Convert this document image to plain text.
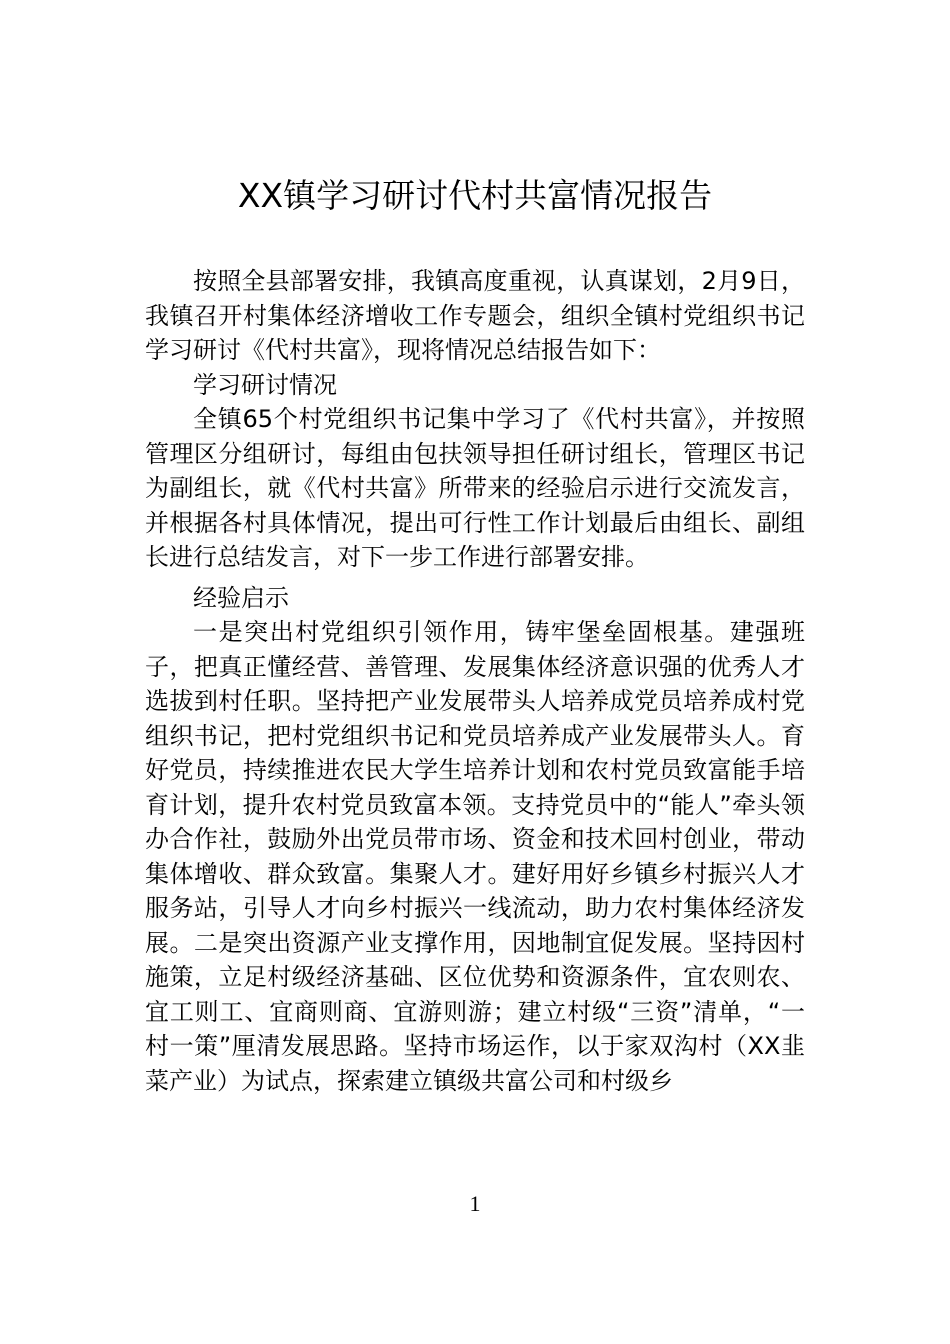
XX镇学习研讨代村共富情况报告

按照全县部署安排，我镇高度重视，认真谋划，2月9日，我镇召开村集体经济增收工作专题会，组织全镇村党组织书记学习研讨《代村共富》，现将情况总结报告如下：

学习研讨情况

全镇65个村党组织书记集中学习了《代村共富》，并按照管理区分组研讨，每组由包扶领导担任研讨组长，管理区书记为副组长，就《代村共富》所带来的经验启示进行交流发言，并根据各村具体情况，提出可行性工作计划最后由组长、副组长进行总结发言，对下一步工作进行部署安排。

经验启示

一是突出村党组织引领作用，铸牢堡垒固根基。建强班子，把真正懂经营、善管理、发展集体经济意识强的优秀人才选拔到村任职。坚持把产业发展带头人培养成党员培养成村党组织书记，把村党组织书记和党员培养成产业发展带头人。育好党员，持续推进农民大学生培养计划和农村党员致富能手培育计划，提升农村党员致富本领。支持党员中的“能人”牵头领办合作社，鼓励外出党员带市场、资金和技术回村创业，带动集体增收、群众致富。集聚人才。建好用好乡镇乡村振兴人才服务站，引导人才向乡村振兴一线流动，助力农村集体经济发展。二是突出资源产业支撑作用，因地制宜促发展。坚持因村施策，立足村级经济基础、区位优势和资源条件，宜农则农、宜工则工、宜商则商、宜游则游；建立村级“三资”清单，“一村一策”厘清发展思路。坚持市场运作，以于家双沟村（XX韭菜产业）为试点，探索建立镇级共富公司和村级乡

1
